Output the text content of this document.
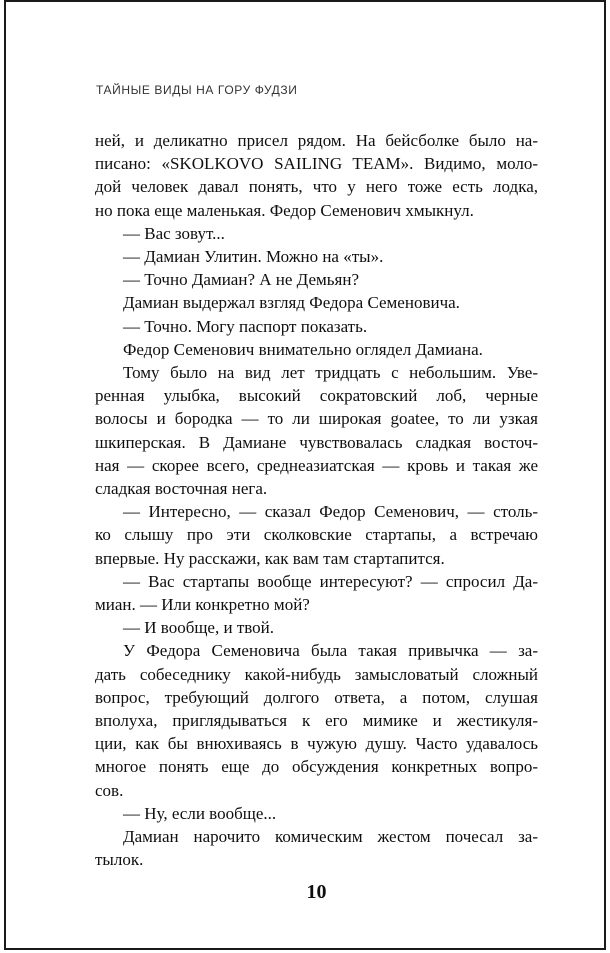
ТАЙНЫЕ ВИДЫ НА ГОРУ ФУДЗИ
ней, и деликатно присел рядом. На бейсболке было на-
писано: «SKOLKOVO SAILING TEAM». Видимо, моло-
дой человек давал понять, что у него тоже есть лодка,
но пока еще маленькая. Федор Семенович хмыкнул.
— Вас зовут...
— Дамиан Улитин. Можно на «ты».
— Точно Дамиан? А не Демьян?
Дамиан выдержал взгляд Федора Семеновича.
— Точно. Могу паспорт показать.
Федор Семенович внимательно оглядел Дамиана.
Тому было на вид лет тридцать с небольшим. Уве-
ренная улыбка, высокий сократовский лоб, черные
волосы и бородка — то ли широкая goatee, то ли узкая
шкиперская. В Дамиане чувствовалась сладкая восточ-
ная — скорее всего, среднеазиатская — кровь и такая же
сладкая восточная нега.
— Интересно, — сказал Федор Семенович, — столь-
ко слышу про эти сколковские стартапы, а встречаю
впервые. Ну расскажи, как вам там стартапится.
— Вас стартапы вообще интересуют? — спросил Да-
миан. — Или конкретно мой?
— И вообще, и твой.
У Федора Семеновича была такая привычка — за-
дать собеседнику какой-нибудь замысловатый сложный
вопрос, требующий долгого ответа, а потом, слушая
вполуха, приглядываться к его мимике и жестикуля-
ции, как бы внюхиваясь в чужую душу. Часто удавалось
многое понять еще до обсуждения конкретных вопро-
сов.
— Ну, если вообще...
Дамиан нарочито комическим жестом почесал за-
тылок.
10
